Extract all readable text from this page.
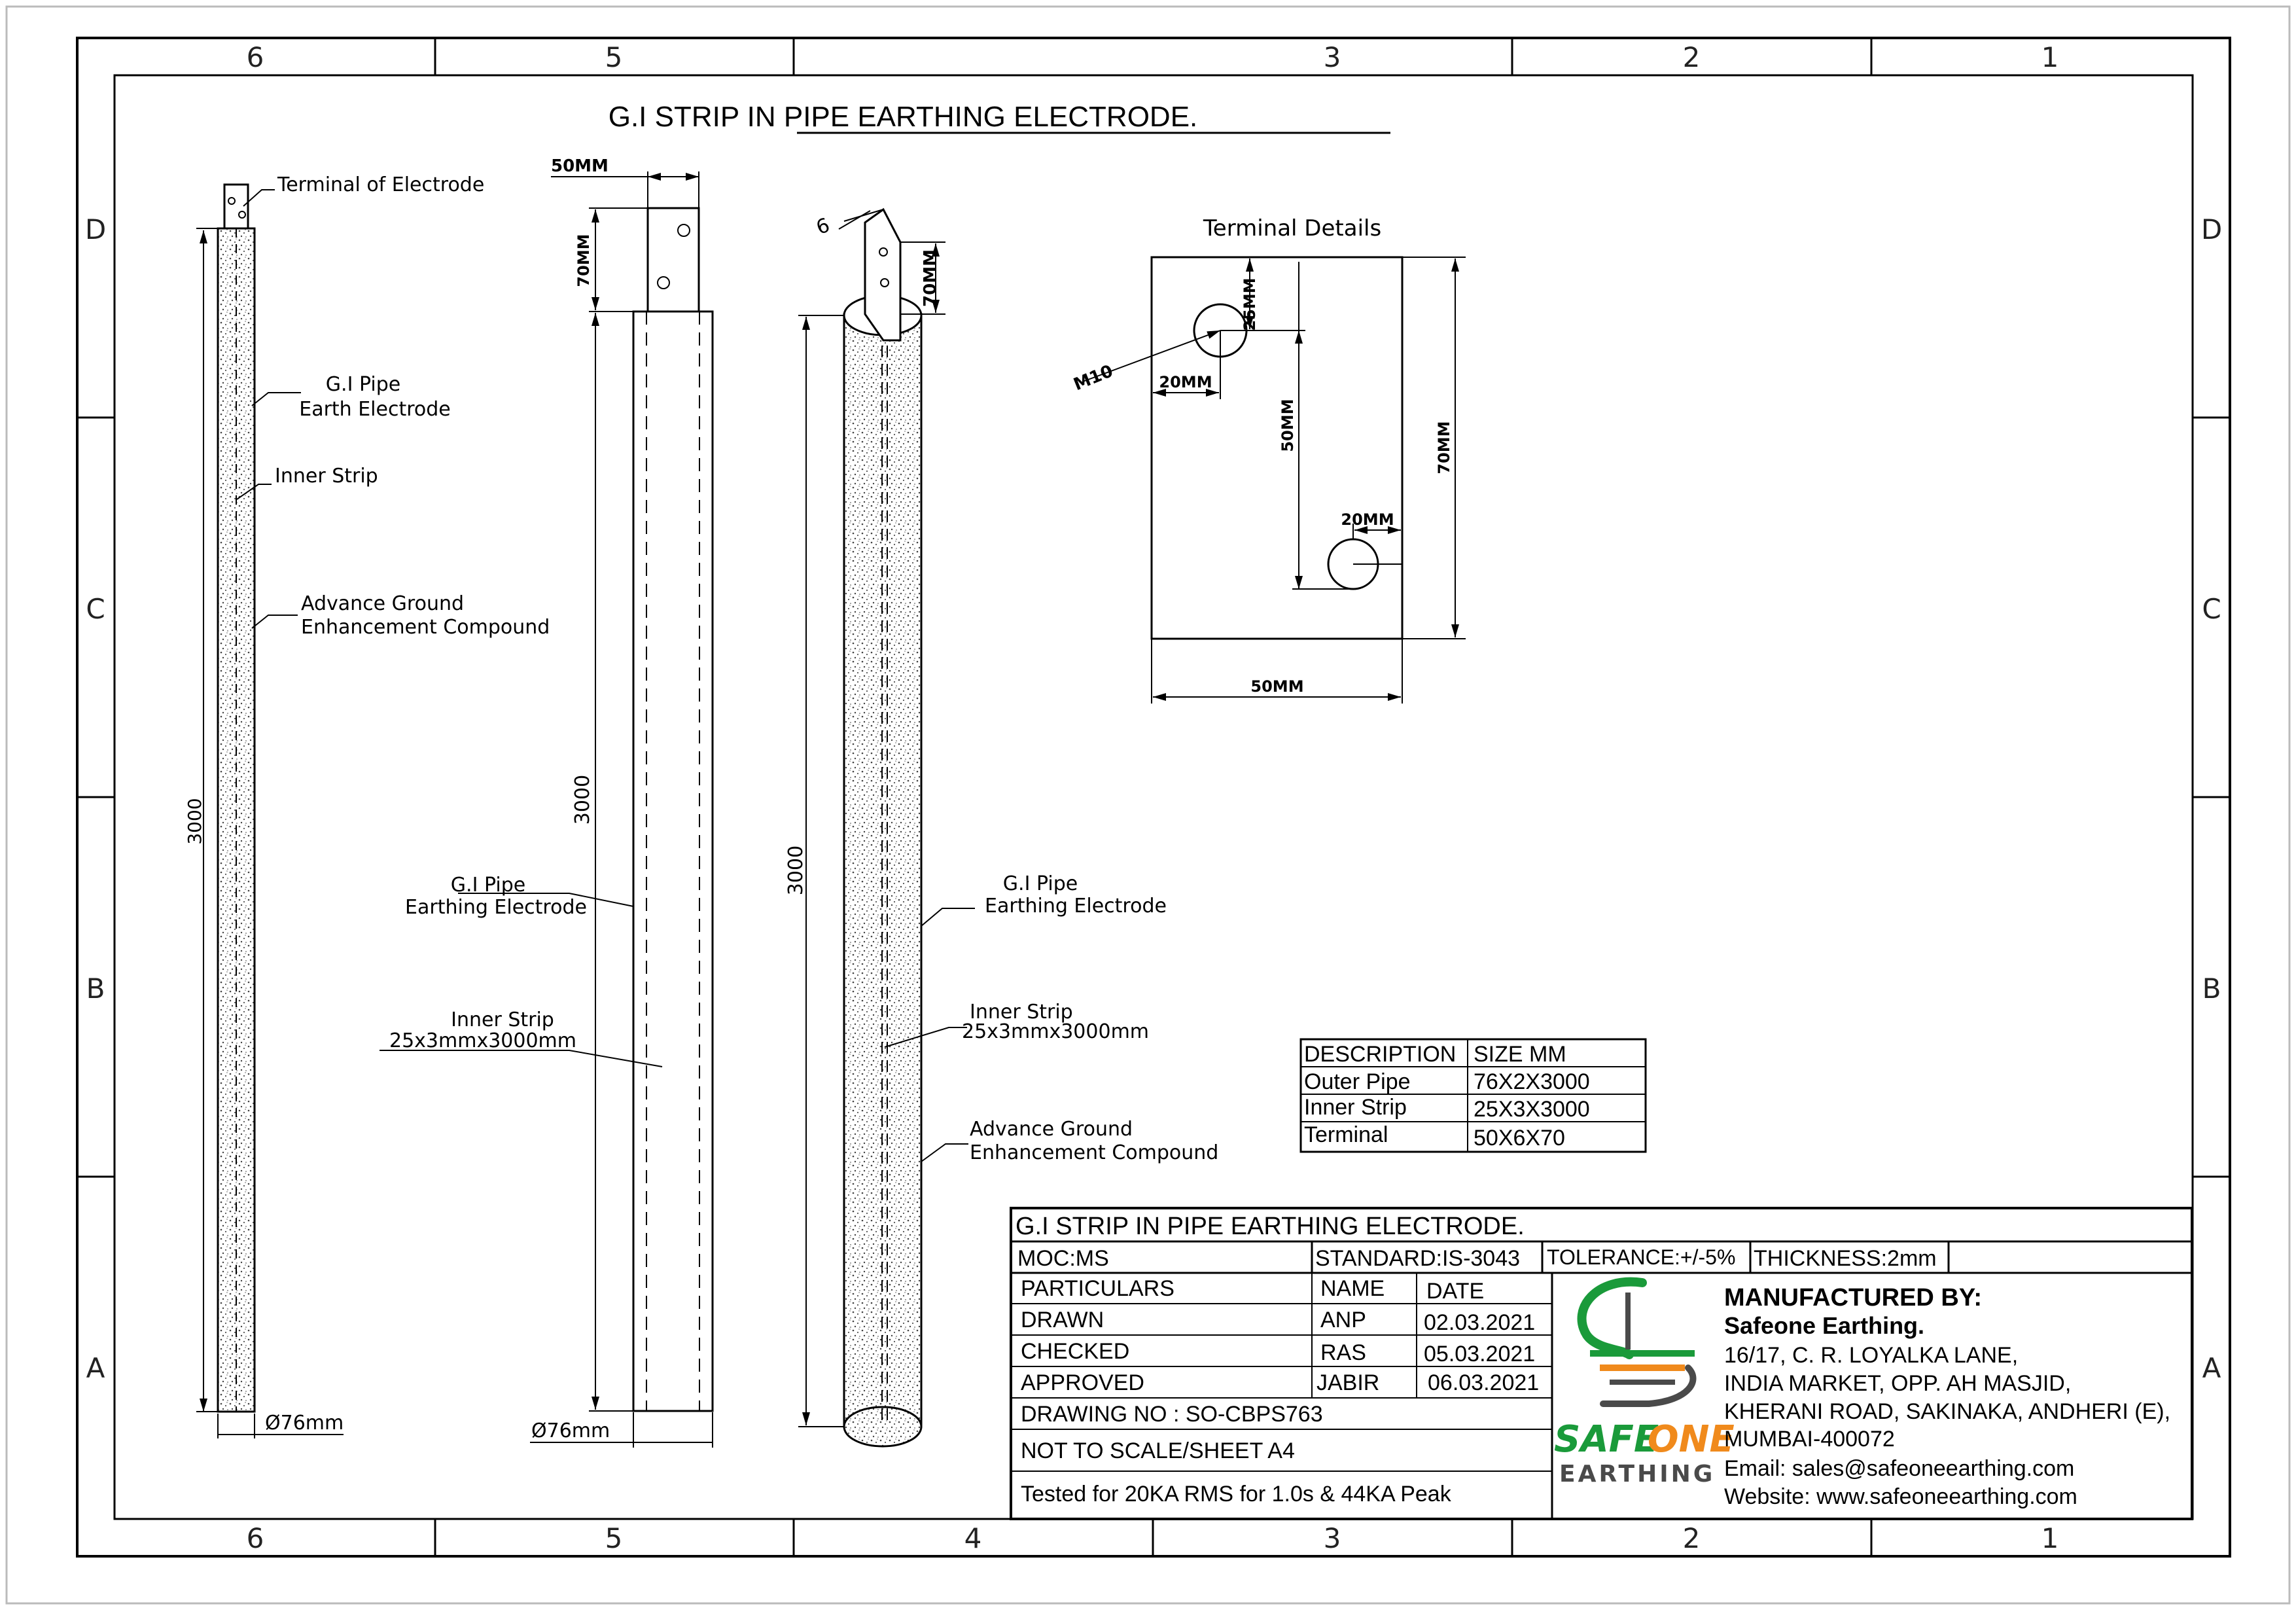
6	5	3	2	1
6	5	4	3	2	1
D
C
B
A
D
C
B
A
G.I STRIP IN PIPE EARTHING ELECTRODE.
Terminal of Electrode
G.I Pipe
Earth Electrode
Inner Strip
Advance Ground
Enhancement Compound
3000
Ø76mm
50MM
70MM
3000
G.I Pipe
Earthing Electrode
Inner Strip
25x3mmx3000mm
Ø76mm
6
70MM
3000	G.I Pipe
Earthing Electrode
Inner Strip
25x3mmx3000mm
Advance Ground
Enhancement Compound
Terminal Details
M10
25MM
20MM
50MM
20MM
70MM
50MM
DESCRIPTION SIZE MM
Outer Pipe	76X2X3000
Inner Strip	25X3X3000
Terminal	50X6X70
G.I STRIP IN PIPE EARTHING ELECTRODE.
MOC:MS	STANDARD:IS-3043 TOLERANCE:+/-5% THICKNESS:2mm
PARTICULARS	NAME DATE
DRAWN	ANP	02.03.2021
CHECKED	RAS	05.03.2021
APPROVED	JABIR 06.03.2021
DRAWING NO : SO-CBPS763
NOT TO SCALE/SHEET A4
Tested for 20KA RMS for 1.0s & 44KA Peak
SAFE
ONE
EARTHING
MANUFACTURED BY:
Safeone Earthing.
16/17, C. R. LOYALKA LANE,
INDIA MARKET, OPP. AH MASJID,
KHERANI ROAD, SAKINAKA, ANDHERI (E),
MUMBAI-400072
Email: sales@safeoneearthing.com
Website: www.safeoneearthing.com
